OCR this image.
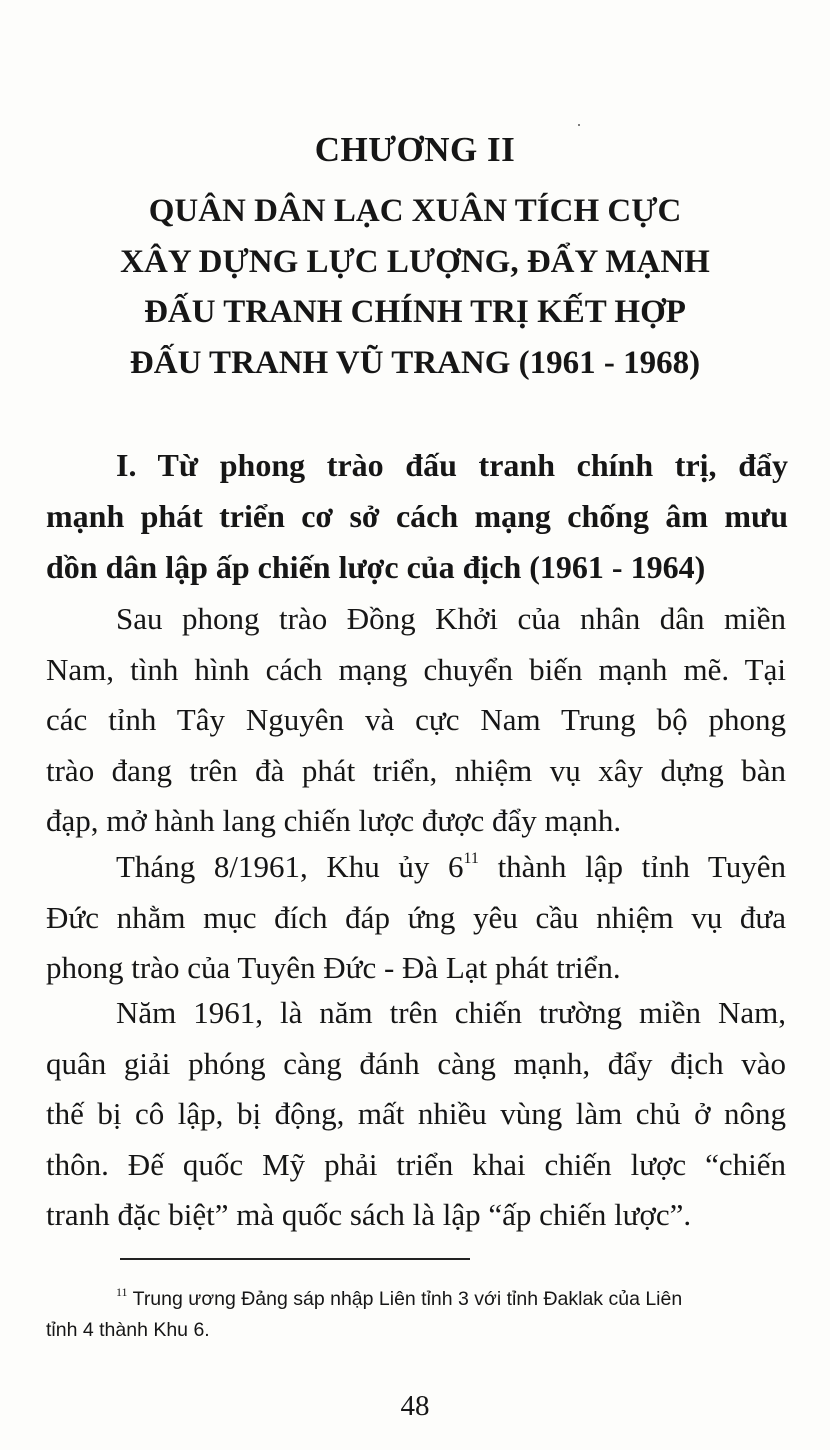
CHƯƠNG II
QUÂN DÂN LẠC XUÂN TÍCH CỰC
XÂY DỰNG LỰC LƯỢNG, ĐẨY MẠNH
ĐẤU TRANH CHÍNH TRỊ KẾT HỢP
ĐẤU TRANH VŨ TRANG (1961 - 1968)
I. Từ phong trào đấu tranh chính trị, đẩy
mạnh phát triển cơ sở cách mạng chống âm mưu
dồn dân lập ấp chiến lược của địch (1961 - 1964)
Sau phong trào Đồng Khởi của nhân dân miền
Nam, tình hình cách mạng chuyển biến mạnh mẽ. Tại
các tỉnh Tây Nguyên và cực Nam Trung bộ phong
trào đang trên đà phát triển, nhiệm vụ xây dựng bàn
đạp, mở hành lang chiến lược được đẩy mạnh.
Tháng 8/1961, Khu ủy $6^{11}$ thành lập tỉnh Tuyên
Đức nhằm mục đích đáp ứng yêu cầu nhiệm vụ đưa
phong trào của Tuyên Đức - Đà Lạt phát triển.
Năm 1961, là năm trên chiến trường miền Nam,
quân giải phóng càng đánh càng mạnh, đẩy địch vào
thế bị cô lập, bị động, mất nhiều vùng làm chủ ở nông
thôn. Đế quốc Mỹ phải triển khai chiến lược “chiến
tranh đặc biệt” mà quốc sách là lập “ấp chiến lược”.
$^{11}$ Trung ương Đảng sáp nhập Liên tỉnh 3 với tỉnh Đaklak của Liên
tỉnh 4 thành Khu 6.
48
